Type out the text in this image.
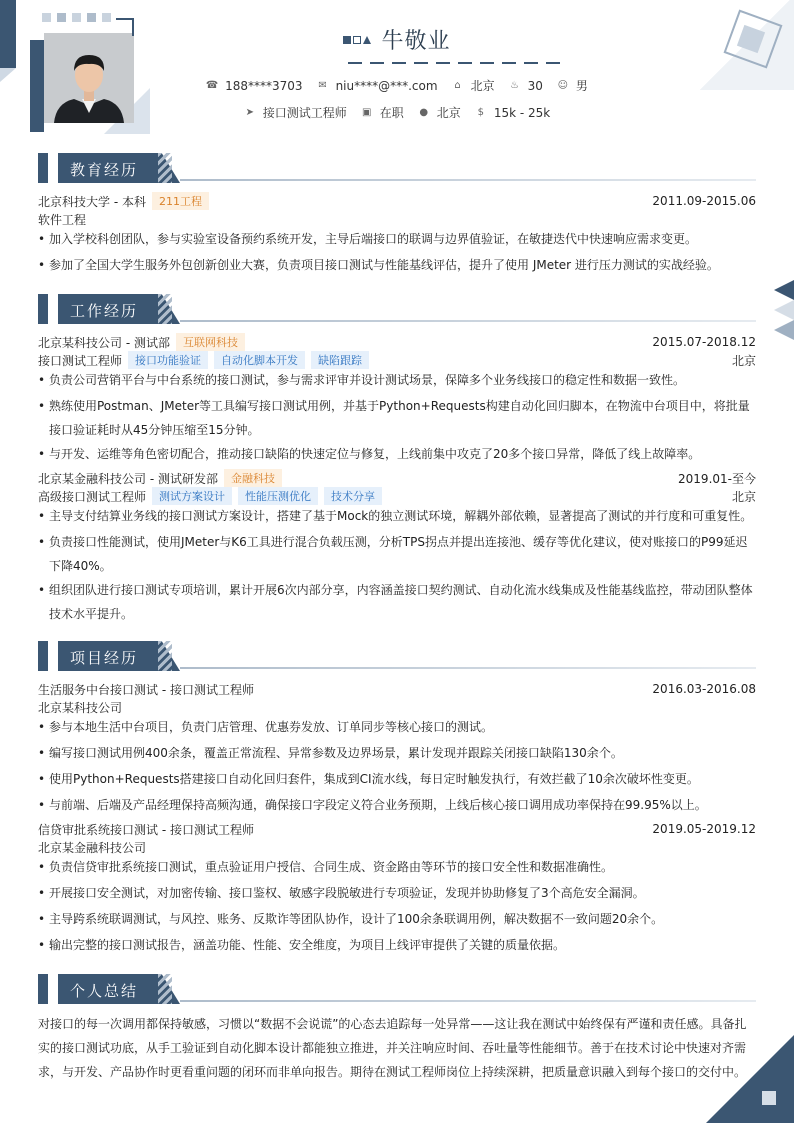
牛敬业
☎ 188****3703 ✉ niu****@***.com ⌂ 北京 ♨ 30 ☺ 男
➤ 接口测试工程师 ▣ 在职 ● 北京 $ 15k - 25k
教育经历
北京科技大学 - 本科	211工程	2011.09-2015.06
软件工程
• 加入学校科创团队，参与实验室设备预约系统开发，主导后端接口的联调与边界值验证，在敏捷迭代中快速响应需求变更。
• 参加了全国大学生服务外包创新创业大赛，负责项目接口测试与性能基线评估，提升了使用 JMeter 进行压力测试的实战经验。
工作经历
北京某科技公司 - 测试部	互联网科技	2015.07-2018.12
接口测试工程师	接口功能验证	自动化脚本开发	缺陷跟踪	北京
• 负责公司营销平台与中台系统的接口测试，参与需求评审并设计测试场景，保障多个业务线接口的稳定性和数据一致性。
• 熟练使用Postman、JMeter等工具编写接口测试用例，并基于Python+Requests构建自动化回归脚本，在物流中台项目中，将批量接口验证耗时从45分钟压缩至15分钟。
• 与开发、运维等角色密切配合，推动接口缺陷的快速定位与修复，上线前集中攻克了20多个接口异常，降低了线上故障率。
北京某金融科技公司 - 测试研发部	金融科技	2019.01-至今
高级接口测试工程师	测试方案设计	性能压测优化	技术分享	北京
• 主导支付结算业务线的接口测试方案设计，搭建了基于Mock的独立测试环境，解耦外部依赖，显著提高了测试的并行度和可重复性。
• 负责接口性能测试，使用JMeter与K6工具进行混合负载压测，分析TPS拐点并提出连接池、缓存等优化建议，使对账接口的P99延迟下降40%。
• 组织团队进行接口测试专项培训，累计开展6次内部分享，内容涵盖接口契约测试、自动化流水线集成及性能基线监控，带动团队整体技术水平提升。
项目经历
生活服务中台接口测试 - 接口测试工程师	2016.03-2016.08
北京某科技公司
• 参与本地生活中台项目，负责门店管理、优惠券发放、订单同步等核心接口的测试。
• 编写接口测试用例400余条，覆盖正常流程、异常参数及边界场景，累计发现并跟踪关闭接口缺陷130余个。
• 使用Python+Requests搭建接口自动化回归套件，集成到CI流水线，每日定时触发执行，有效拦截了10余次破坏性变更。
• 与前端、后端及产品经理保持高频沟通，确保接口字段定义符合业务预期，上线后核心接口调用成功率保持在99.95%以上。
信贷审批系统接口测试 - 接口测试工程师	2019.05-2019.12
北京某金融科技公司
• 负责信贷审批系统接口测试，重点验证用户授信、合同生成、资金路由等环节的接口安全性和数据准确性。
• 开展接口安全测试，对加密传输、接口鉴权、敏感字段脱敏进行专项验证，发现并协助修复了3个高危安全漏洞。
• 主导跨系统联调测试，与风控、账务、反欺诈等团队协作，设计了100余条联调用例，解决数据不一致问题20余个。
• 输出完整的接口测试报告，涵盖功能、性能、安全维度，为项目上线评审提供了关键的质量依据。
个人总结
对接口的每一次调用都保持敏感，习惯以“数据不会说谎”的心态去追踪每一处异常——这让我在测试中始终保有严谨和责任感。具备扎实的接口测试功底，从手工验证到自动化脚本设计都能独立推进，并关注响应时间、吞吐量等性能细节。善于在技术讨论中快速对齐需求，与开发、产品协作时更看重问题的闭环而非单向报告。期待在测试工程师岗位上持续深耕，把质量意识融入到每个接口的交付中。
